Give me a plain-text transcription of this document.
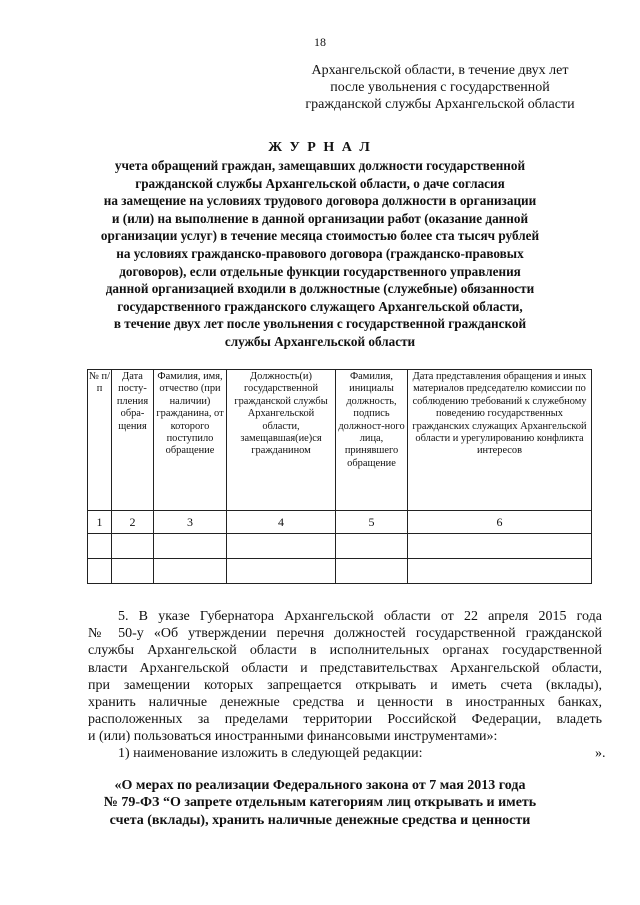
18
Архангельской области, в течение двух лет
после увольнения с государственной
гражданской службы Архангельской области
Ж У Р Н А Л
учета обращений граждан, замещавших должности государственной
гражданской службы Архангельской области, о даче согласия
на замещение на условиях трудового договора должности в организации
и (или) на выполнение в данной организации работ (оказание данной
организации услуг) в течение месяца стоимостью более ста тысяч рублей
на условиях гражданско-правового договора (гражданско-правовых
договоров), если отдельные функции государственного управления
данной организацией входили в должностные (служебные) обязанности
государственного гражданского служащего Архангельской области,
в течение двух лет после увольнения с государственной гражданской
службы Архангельской области
№ п/п	Дата посту-пления обра-щения	Фамилия, имя, отчество (при наличии) гражданина, от которого поступило обращение	Должность(и) государственной гражданской службы Архангельской области, замещавшая(ие)ся гражданином	Фамилия, инициалы должность, подпись должност-ного лица, принявшего обращение	Дата представления обращения и иных материалов председателю комиссии по соблюдению требований к служебному поведению государственных гражданских служащих Архангельской области и урегулированию конфликта интересов
1	2	3	4	5	6

5. В указе Губернатора Архангельской области от 22 апреля 2015 года
№ 50-у «Об утверждении перечня должностей государственной гражданской
службы Архангельской области в исполнительных органах государственной
власти Архангельской области и представительствах Архангельской области,
при замещении которых запрещается открывать и иметь счета (вклады),
хранить наличные денежные средства и ценности в иностранных банках,
расположенных за пределами территории Российской Федерации, владеть
и (или) пользоваться иностранными финансовыми инструментами»:
1) наименование изложить в следующей редакции:	».
«О мерах по реализации Федерального закона от 7 мая 2013 года
№ 79-ФЗ “О запрете отдельным категориям лиц открывать и иметь
счета (вклады), хранить наличные денежные средства и ценности
